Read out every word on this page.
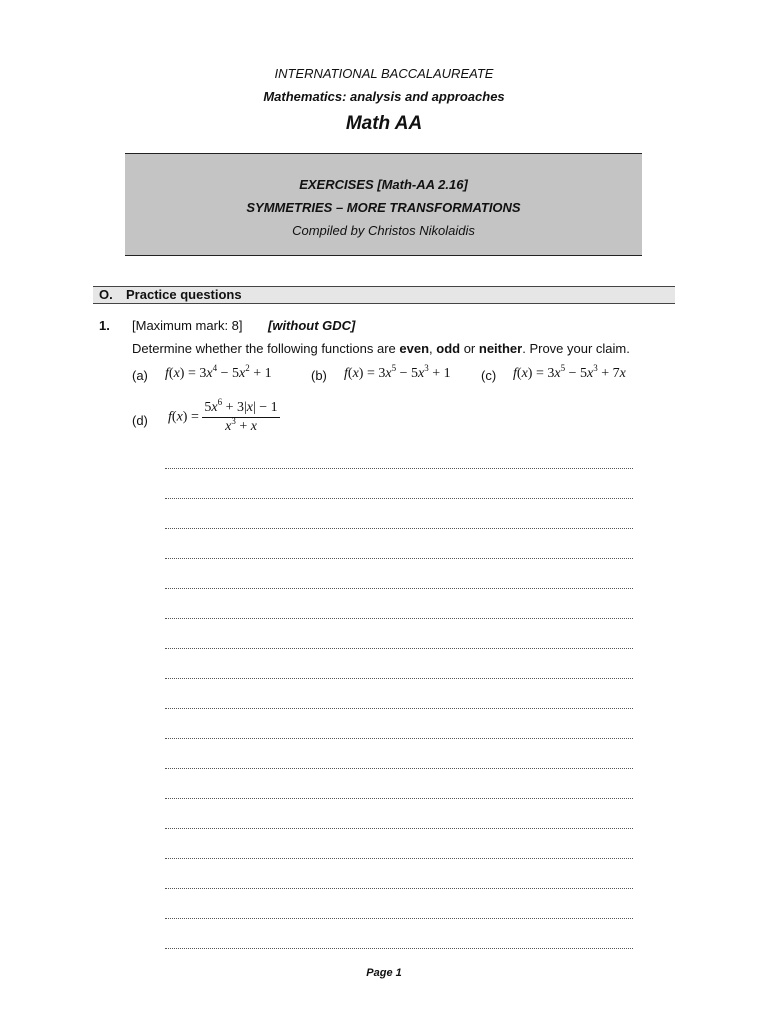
INTERNATIONAL BACCALAUREATE
Mathematics: analysis and approaches
Math AA
EXERCISES [Math-AA 2.16]
SYMMETRIES – MORE TRANSFORMATIONS
Compiled by Christos Nikolaidis
O. Practice questions
1. [Maximum mark: 8] [without GDC]
Determine whether the following functions are even, odd or neither. Prove your claim.
(a) $f(x) = 3x^4 - 5x^2 + 1$	(b) $f(x) = 3x^5 - 5x^3 + 1$ (c) $f(x) = 3x^5 - 5x^3 + 7x$
(d) $f(x) = \frac{5x^6 + 3|x| - 1}{x^3 + x}$
Page 1
